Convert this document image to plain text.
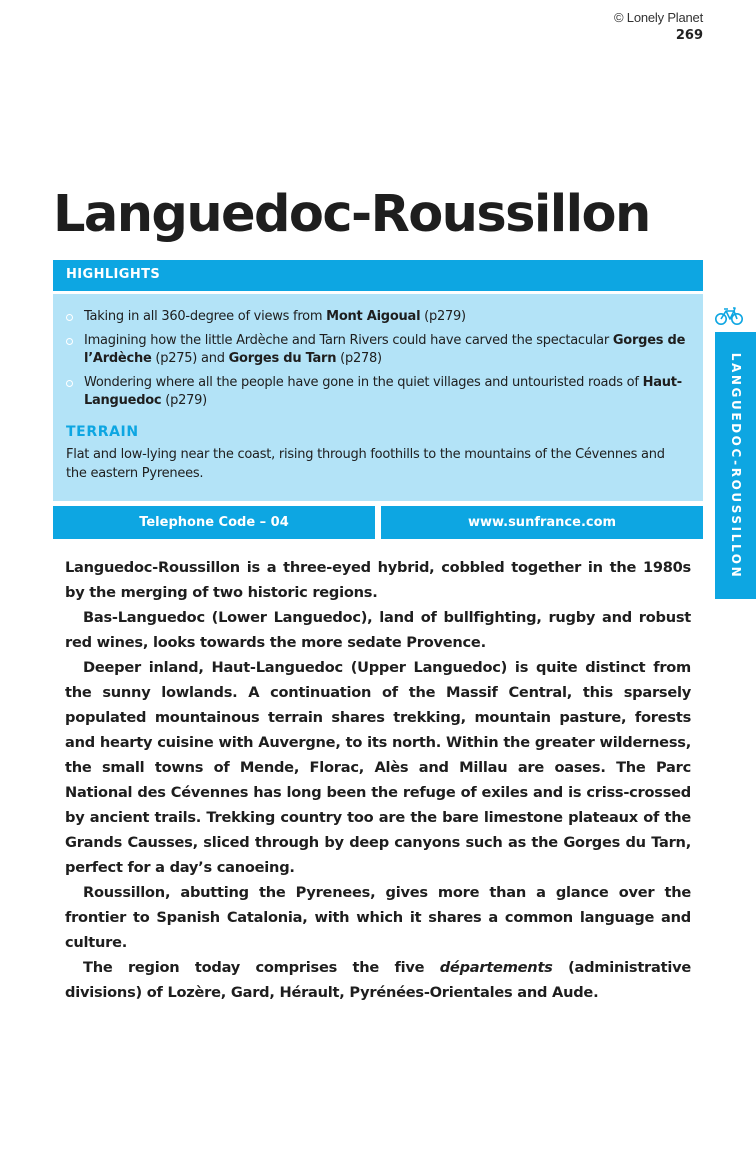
© Lonely Planet
269
Languedoc-Roussillon
HIGHLIGHTS
Taking in all 360-degree of views from Mont Aigoual (p279)
Imagining how the little Ardèche and Tarn Rivers could have carved the spectacular Gorges de l’Ardèche (p275) and Gorges du Tarn (p278)
Wondering where all the people have gone in the quiet villages and untouristed roads of Haut-Languedoc (p279)
TERRAIN
Flat and low-lying near the coast, rising through foothills to the mountains of the Cévennes and the eastern Pyrenees.
Telephone Code – 04	www.sunfrance.com	LANGUEDOC-ROUSSILLON

Languedoc-Roussillon is a three-eyed hybrid, cobbled together in the 1980s by the merging of two historic regions.

Bas-Languedoc (Lower Languedoc), land of bullfighting, rugby and robust red wines, looks towards the more sedate Provence.

Deeper inland, Haut-Languedoc (Upper Languedoc) is quite distinct from the sunny lowlands. A continuation of the Massif Central, this sparsely populated mountainous terrain shares trekking, mountain pasture, forests and hearty cuisine with Auvergne, to its north. Within the greater wilderness, the small towns of Mende, Florac, Alès and Millau are oases. The Parc National des Cévennes has long been the refuge of exiles and is criss-crossed by ancient trails. Trekking country too are the bare limestone plateaux of the Grands Causses, sliced through by deep canyons such as the Gorges du Tarn, perfect for a day’s canoeing.

Roussillon, abutting the Pyrenees, gives more than a glance over the frontier to Spanish Catalonia, with which it shares a common language and culture.

The region today comprises the five départements (administrative divisions) of Lozère, Gard, Hérault, Pyrénées-Orientales and Aude.
